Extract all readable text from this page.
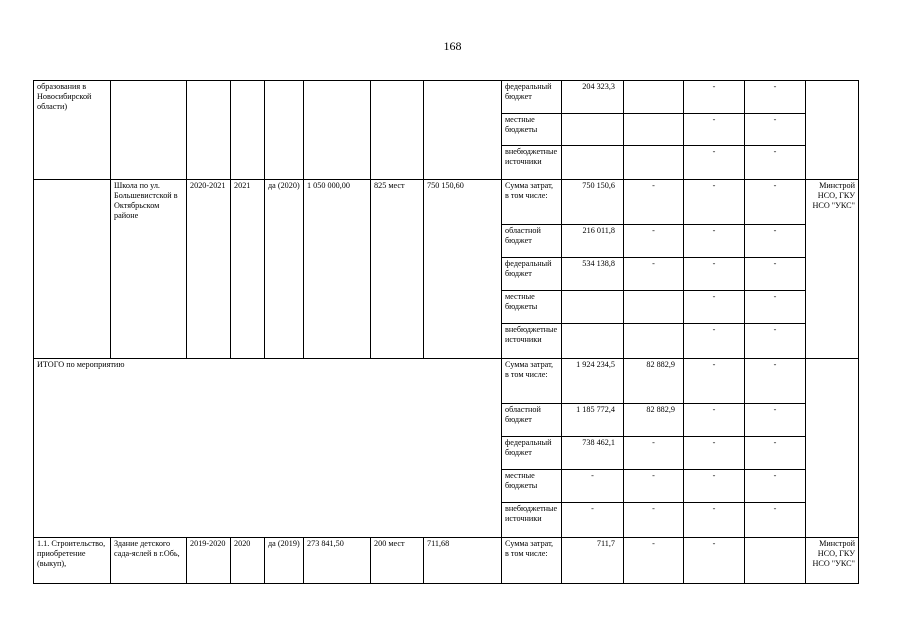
168
образования в Новосибирской области)								федеральный бюджет	204 323,3		-	-	
								местные бюджеты			-	-	
								внебюджетные источники			-	-	
	Школа по ул. Большевистской в Октябрьском районе	2020-2021	2021	да (2020)	1 050 000,00	825 мест	750 150,60	Сумма затрат, в том числе:	750 150,6	-	-	-	Минстрой НСО, ГКУ НСО "УКС"
								областной бюджет	216 011,8	-	-	-	
								федеральный бюджет	534 138,8	-	-	-	
								местные бюджеты			-	-	
								внебюджетные источники			-	-	
ИТОГО по мероприятию								Сумма затрат, в том числе:	1 924 234,5	82 882,9	-	-	
								областной бюджет	1 185 772,4	82 882,9	-	-	
								федеральный бюджет	738 462,1	-	-	-	
								местные бюджеты	-	-	-	-	
								внебюджетные источники	-	-	-	-	
1.1. Строительство, приобретение (выкуп),	Здание детского сада-яслей в г.Обь,	2019-2020	2020	да (2019)	273 841,50	200 мест	711,68	Сумма затрат, в том числе:	711,7	-	-		Минстрой НСО, ГКУ НСО "УКС"
